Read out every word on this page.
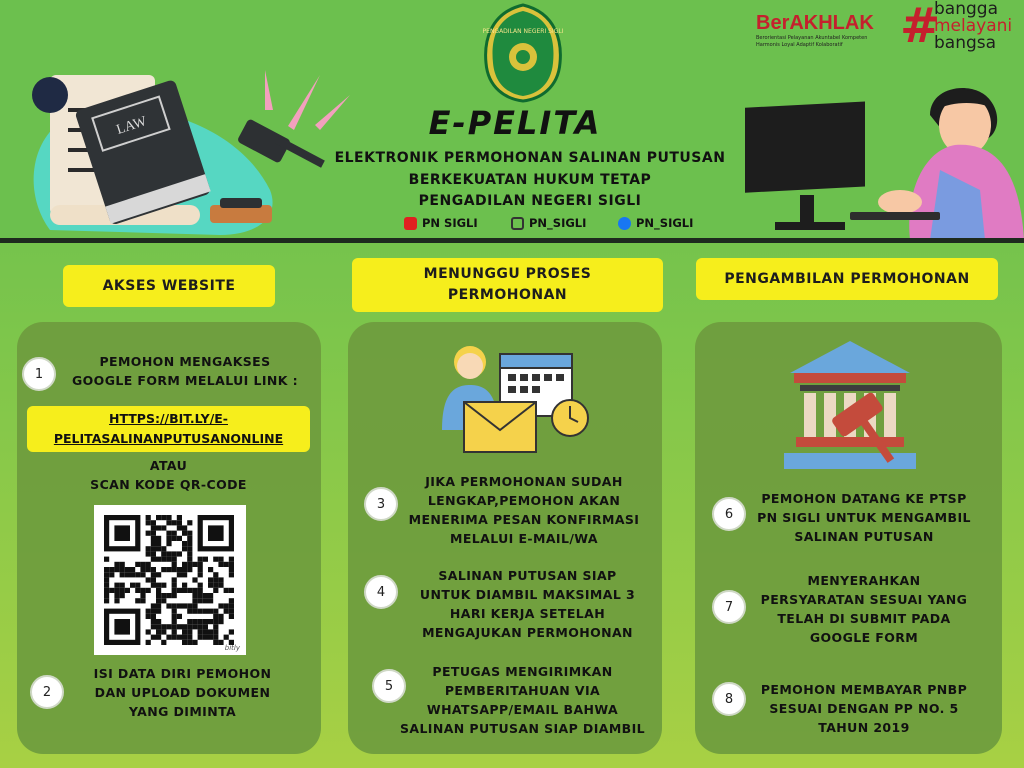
LAW
PENGADILAN NEGERI SIGLI
E-PELITA
ELEKTRONIK PERMOHONAN SALINAN PUTUSAN
BERKEKUATAN HUKUM TETAP
PENGADILAN NEGERI SIGLI
PN SIGLI	PN_SIGLI	PN_SIGLI
BerAKHLAK
Berorientasi Pelayanan Akuntabel Kompeten
Harmonis Loyal Adaptif Kolaboratif	#
bangga
melayani
bangsa
AKSES WEBSITE
MENUNGGU PROSES
PERMOHONAN
PENGAMBILAN PERMOHONAN
1
PEMOHON MENGAKSES
GOOGLE FORM MELALUI LINK :
HTTPS://BIT.LY/E-
PELITASALINANPUTUSANONLINE
ATAU
SCAN KODE QR-CODE
bitly
2
ISI DATA DIRI PEMOHON
DAN UPLOAD DOKUMEN
YANG DIMINTA
3
JIKA PERMOHONAN SUDAH
LENGKAP,PEMOHON AKAN
MENERIMA PESAN KONFIRMASI
MELALUI E-MAIL/WA
4
SALINAN PUTUSAN SIAP
UNTUK DIAMBIL MAKSIMAL 3
HARI KERJA SETELAH
MENGAJUKAN PERMOHONAN
5
PETUGAS MENGIRIMKAN
PEMBERITAHUAN VIA
WHATSAPP/EMAIL BAHWA
SALINAN PUTUSAN SIAP DIAMBIL
6
PEMOHON DATANG KE PTSP
PN SIGLI UNTUK MENGAMBIL
SALINAN PUTUSAN
7
MENYERAHKAN
PERSYARATAN SESUAI YANG
TELAH DI SUBMIT PADA
GOOGLE FORM
8
PEMOHON MEMBAYAR PNBP
SESUAI DENGAN PP NO. 5
TAHUN 2019
